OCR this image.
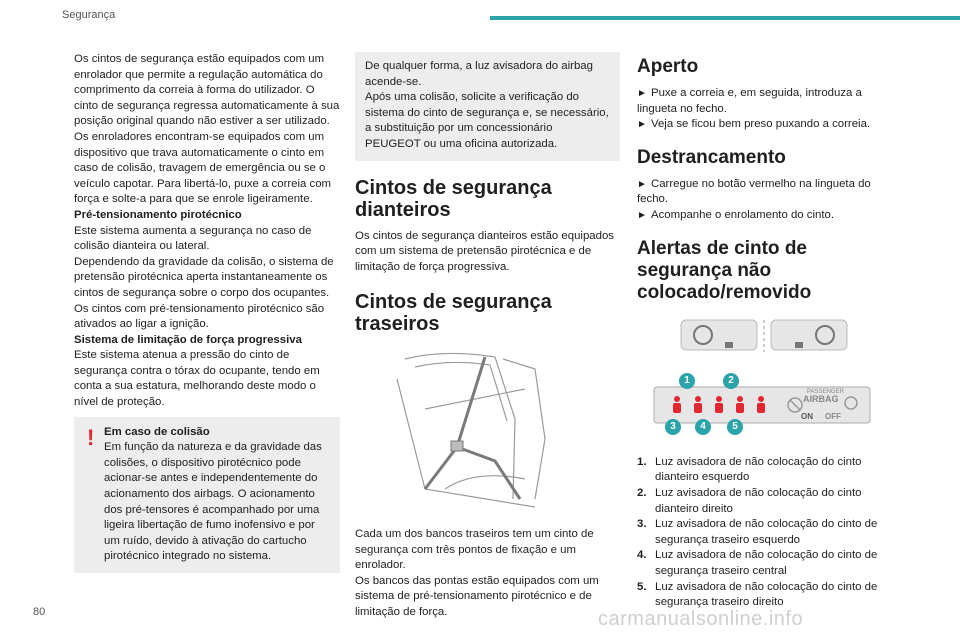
Segurança

Os cintos de segurança estão equipados com um enrolador que permite a regulação automática do comprimento da correia à forma do utilizador. O cinto de segurança regressa automaticamente à sua posição original quando não estiver a ser utilizado.

Os enroladores encontram-se equipados com um dispositivo que trava automaticamente o cinto em caso de colisão, travagem de emergência ou se o veículo capotar. Para libertá-lo, puxe a correia com força e solte-a para que se enrole ligeiramente.

Pré-tensionamento pirotécnico

Este sistema aumenta a segurança no caso de colisão dianteira ou lateral.

Dependendo da gravidade da colisão, o sistema de pretensão pirotécnica aperta instantaneamente os cintos de segurança sobre o corpo dos ocupantes.

Os cintos com pré-tensionamento pirotécnico são ativados ao ligar a ignição.

Sistema de limitação de força progressiva

Este sistema atenua a pressão do cinto de segurança contra o tórax do ocupante, tendo em conta a sua estatura, melhorando deste modo o nível de proteção.

! Em caso de colisão

Em função da natureza e da gravidade das colisões, o dispositivo pirotécnico pode acionar-se antes e independentemente do acionamento dos airbags. O acionamento dos pré-tensores é acompanhado por uma ligeira libertação de fumo inofensivo e por um ruído, devido à ativação do cartucho pirotécnico integrado no sistema.

De qualquer forma, a luz avisadora do airbag acende-se.

Após uma colisão, solicite a verificação do sistema do cinto de segurança e, se necessário, a substituição por um concessionário PEUGEOT ou uma oficina autorizada.

Cintos de segurança dianteiros

Os cintos de segurança dianteiros estão equipados com um sistema de pretensão pirotécnica e de limitação de força progressiva.

Cintos de segurança traseiros

Cada um dos bancos traseiros tem um cinto de segurança com três pontos de fixação e um enrolador.

Os bancos das pontas estão equipados com um sistema de pré-tensionamento pirotécnico e de limitação de força.

Aperto

► Puxe a correia e, em seguida, introduza a lingueta no fecho.

► Veja se ficou bem preso puxando a correia.

Destrancamento

► Carregue no botão vermelho na lingueta do fecho.

► Acompanhe o enrolamento do cinto.

Alertas de cinto de segurança não colocado/removido
PASSENGER
AIRBAG
ON OFF
1	2
3	4	5
1. Luz avisadora de não colocação do cinto dianteiro esquerdo
2. Luz avisadora de não colocação do cinto dianteiro direito
3. Luz avisadora de não colocação do cinto de segurança traseiro esquerdo
4. Luz avisadora de não colocação do cinto de segurança traseiro central
5. Luz avisadora de não colocação do cinto de segurança traseiro direito
80	carmanualsonline.info
